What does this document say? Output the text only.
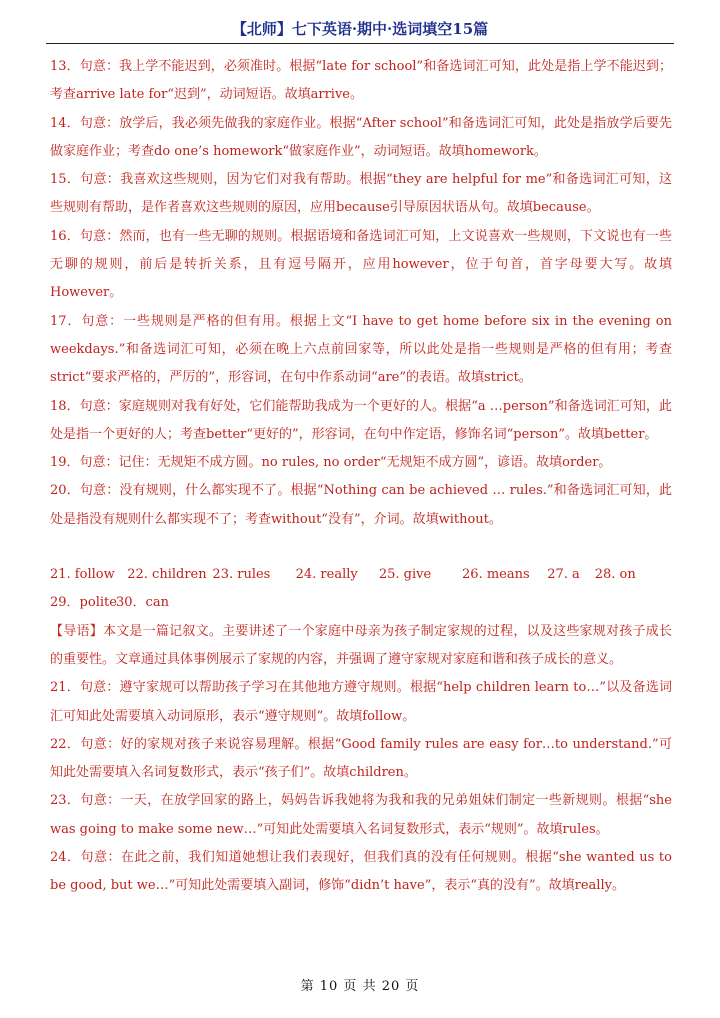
【北师】七下英语·期中·选词填空15篇

13．句意：我上学不能迟到，必须准时。根据“late for school”和备选词汇可知，此处是指上学不能迟到；考查arrive late for“迟到”，动词短语。故填arrive。

14．句意：放学后，我必须先做我的家庭作业。根据“After school”和备选词汇可知，此处是指放学后要先做家庭作业；考查do one’s homework“做家庭作业”，动词短语。故填homework。

15．句意：我喜欢这些规则，因为它们对我有帮助。根据“they are helpful for me”和备选词汇可知，这些规则有帮助，是作者喜欢这些规则的原因，应用because引导原因状语从句。故填because。

16．句意：然而，也有一些无聊的规则。根据语境和备选词汇可知，上文说喜欢一些规则，下文说也有一些无聊的规则，前后是转折关系，且有逗号隔开，应用however，位于句首，首字母要大写。故填However。

17．句意：一些规则是严格的但有用。根据上文“I have to get home before six in the evening on weekdays.”和备选词汇可知，必须在晚上六点前回家等，所以此处是指一些规则是严格的但有用；考查strict“要求严格的，严厉的”，形容词，在句中作系动词“are”的表语。故填strict。

18．句意：家庭规则对我有好处，它们能帮助我成为一个更好的人。根据“a …person”和备选词汇可知，此处是指一个更好的人；考查better“更好的”，形容词，在句中作定语，修饰名词“person”。故填better。

19．句意：记住：无规矩不成方圆。no rules, no order“无规矩不成方圆”，谚语。故填order。

20．句意：没有规则，什么都实现不了。根据“Nothing can be achieved … rules.”和备选词汇可知，此处是指没有规则什么都实现不了；考查without“没有”，介词。故填without。

21. follow 22. children 23. rules	24. really	25. give	26. means	27. a	28. on
29．polite 30．can

【导语】本文是一篇记叙文。主要讲述了一个家庭中母亲为孩子制定家规的过程，以及这些家规对孩子成长的重要性。文章通过具体事例展示了家规的内容，并强调了遵守家规对家庭和谐和孩子成长的意义。

21．句意：遵守家规可以帮助孩子学习在其他地方遵守规则。根据“help children learn to…”以及备选词汇可知此处需要填入动词原形，表示“遵守规则”。故填follow。

22．句意：好的家规对孩子来说容易理解。根据“Good family rules are easy for…to understand.”可知此处需要填入名词复数形式，表示“孩子们”。故填children。

23．句意：一天，在放学回家的路上，妈妈告诉我她将为我和我的兄弟姐妹们制定一些新规则。根据“she was going to make some new…”可知此处需要填入名词复数形式，表示“规则”。故填rules。

24．句意：在此之前，我们知道她想让我们表现好，但我们真的没有任何规则。根据“she wanted us to be good, but we…”可知此处需要填入副词，修饰“didn’t have”，表示“真的没有”。故填really。

第 10 页 共 20 页
